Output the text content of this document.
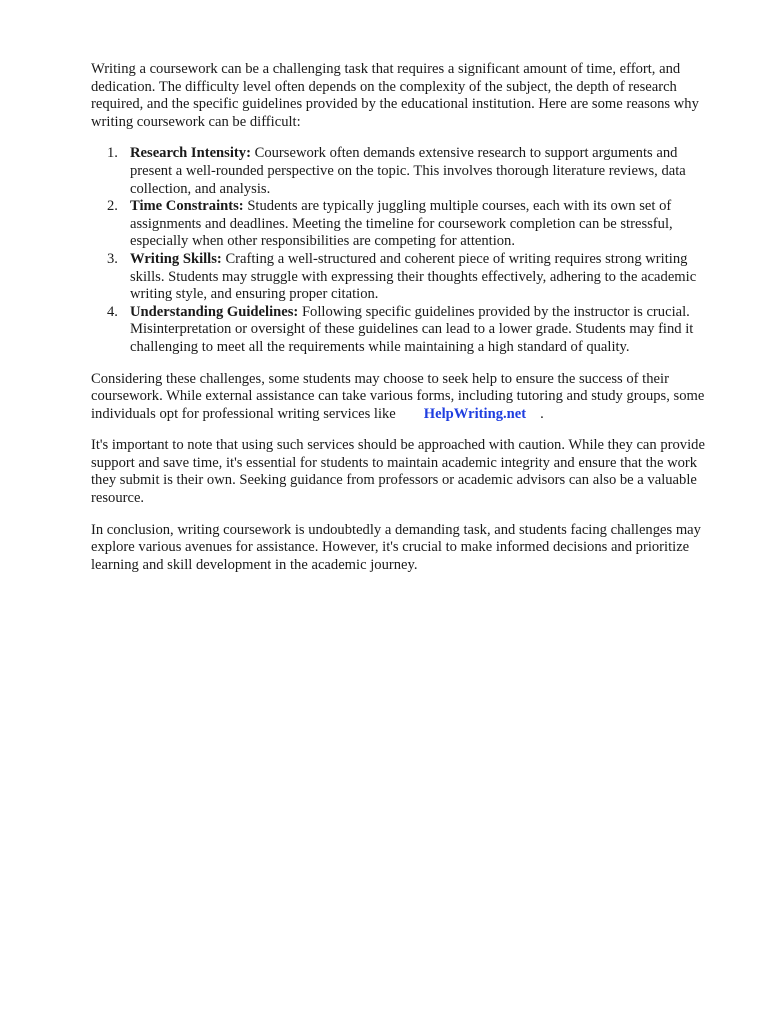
Writing a coursework can be a challenging task that requires a significant amount of time, effort, and dedication. The difficulty level often depends on the complexity of the subject, the depth of research required, and the specific guidelines provided by the educational institution. Here are some reasons why writing coursework can be difficult:

1. Research Intensity: Coursework often demands extensive research to support arguments and present a well-rounded perspective on the topic. This involves thorough literature reviews, data collection, and analysis.
2. Time Constraints: Students are typically juggling multiple courses, each with its own set of assignments and deadlines. Meeting the timeline for coursework completion can be stressful, especially when other responsibilities are competing for attention.
3. Writing Skills: Crafting a well-structured and coherent piece of writing requires strong writing skills. Students may struggle with expressing their thoughts effectively, adhering to the academic writing style, and ensuring proper citation.
4. Understanding Guidelines: Following specific guidelines provided by the instructor is crucial. Misinterpretation or oversight of these guidelines can lead to a lower grade. Students may find it challenging to meet all the requirements while maintaining a high standard of quality.

Considering these challenges, some students may choose to seek help to ensure the success of their coursework. While external assistance can take various forms, including tutoring and study groups, some individuals opt for professional writing services like HelpWriting.net .

It's important to note that using such services should be approached with caution. While they can provide support and save time, it's essential for students to maintain academic integrity and ensure that the work they submit is their own. Seeking guidance from professors or academic advisors can also be a valuable resource.

In conclusion, writing coursework is undoubtedly a demanding task, and students facing challenges may explore various avenues for assistance. However, it's crucial to make informed decisions and prioritize learning and skill development in the academic journey.
